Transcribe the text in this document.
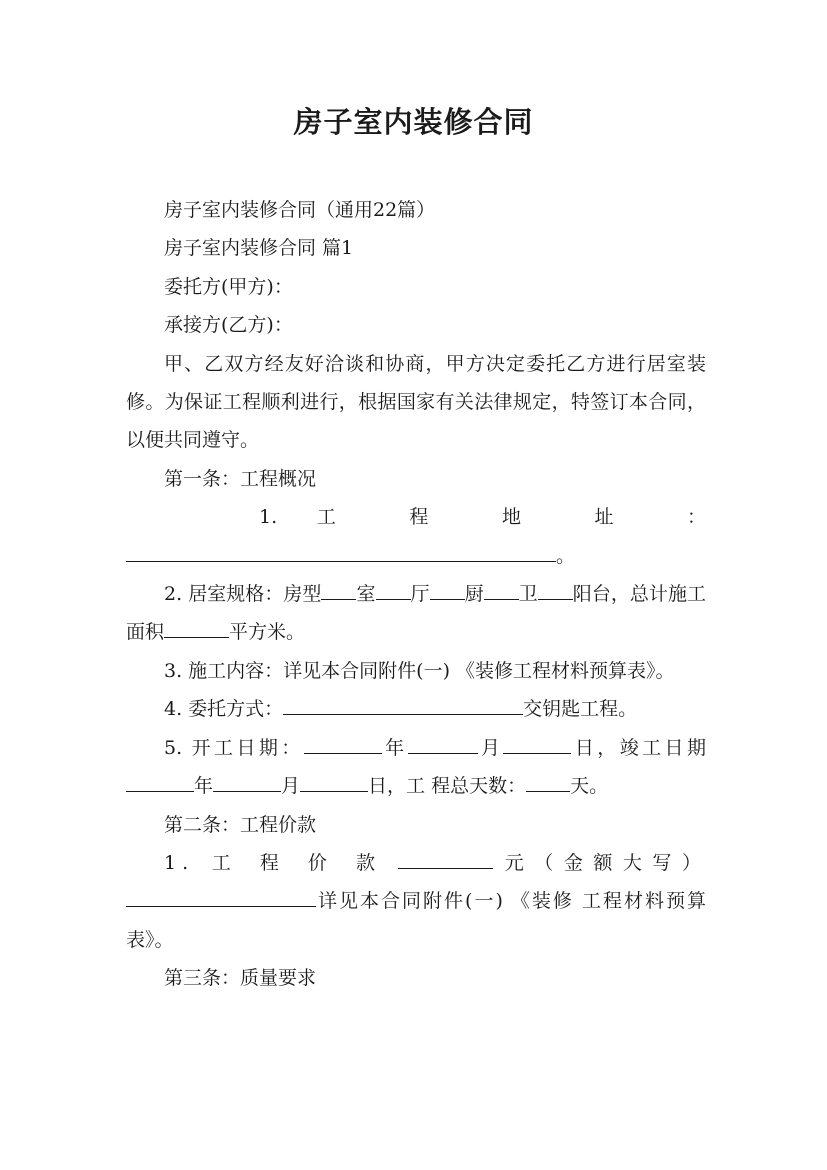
房子室内装修合同

房子室内装修合同（通用22篇）

房子室内装修合同 篇1

委托方(甲方)：

承接方(乙方)：

甲、乙双方经友好洽谈和协商，甲方决定委托乙方进行居室装修。为保证工程顺利进行，根据国家有关法律规定，特签订本合同，以便共同遵守。

第一条：工程概况

1. 工 程 地 址 ：

。

2. 居室规格：房型 室 厅 厨 卫 阳台，总计施工面积	平方米。

3. 施工内容：详见本合同附件(一) 《装修工程材料预算表》。

4. 委托方式：	交钥匙工程。

5. 开工日期：	年	月	日，竣工日期年	月	日，工 程总天数： 天。

第二条：工程价款

1. 工 程 价 款	元（金额大写）详见本合同附件(一) 《装修 工程材料预算表》。

第三条：质量要求
